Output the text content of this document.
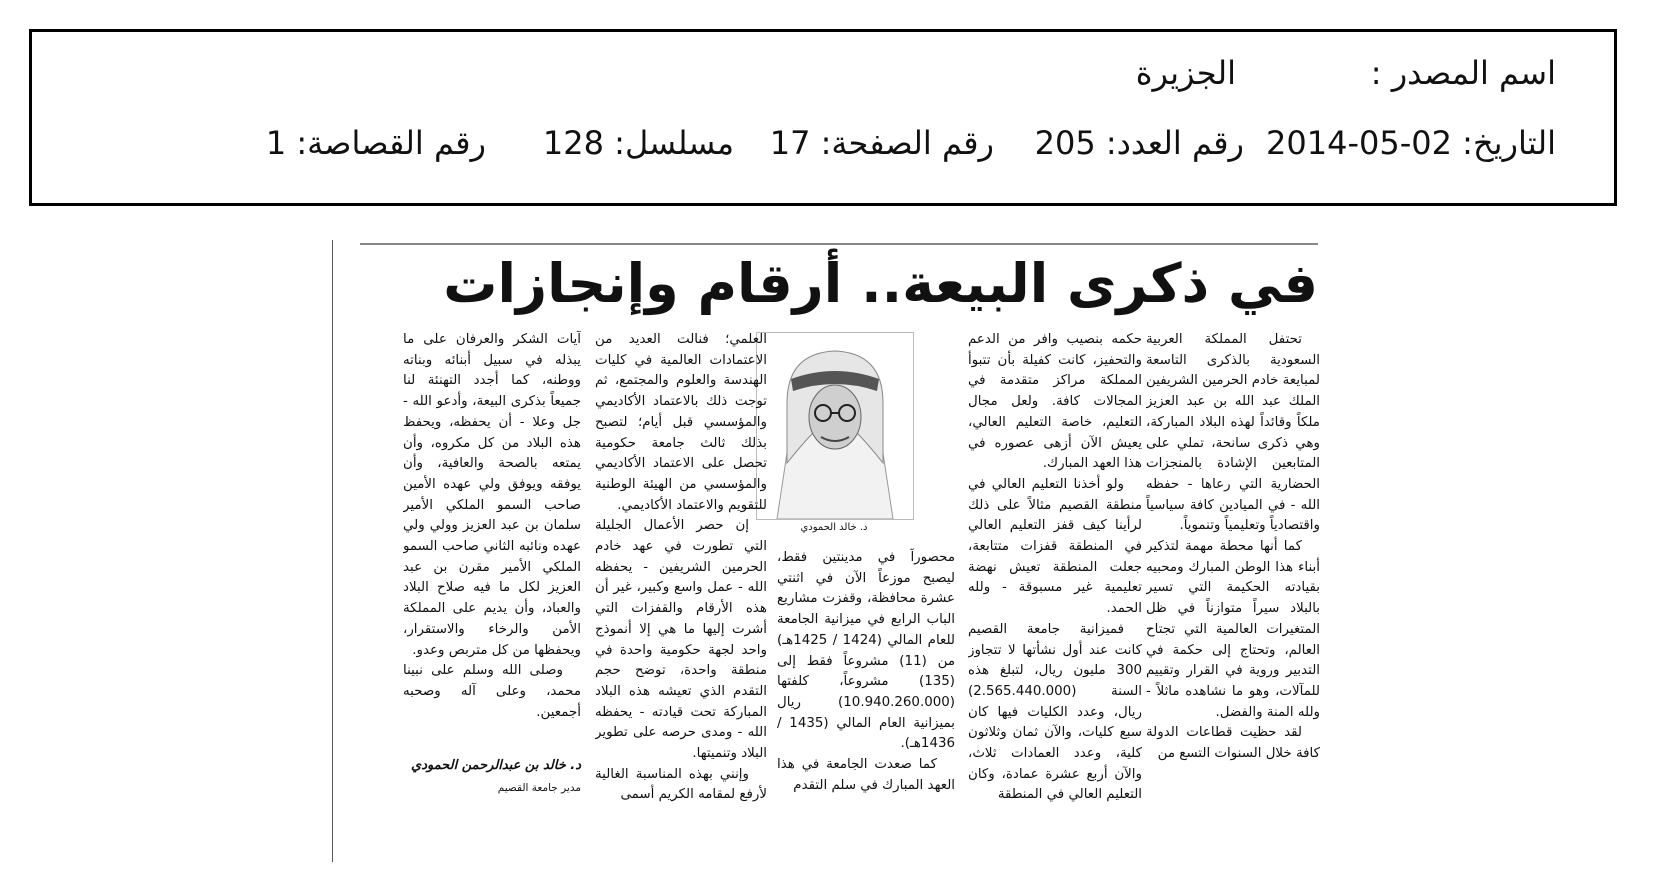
اسم المصدر :
الجزيرة
التاريخ: 02-05-2014
رقم العدد: 205
رقم الصفحة: 17
مسلسل: 128
رقم القصاصة: 1
في ذكرى البيعة.. أرقام وإنجازات

تحتفل المملكة العربية السعودية بالذكرى التاسعة لمبايعة خادم الحرمين الشريفين الملك عبد الله بن عبد العزيز ملكاً وقائداً لهذه البلاد المباركة، وهي ذكرى سانحة، تملي على المتابعين الإشادة بالمنجزات الحضارية التي رعاها - حفظه الله - في الميادين كافة سياسياً واقتصادياً وتعليمياً وتنموياً.

كما أنها محطة مهمة لتذكير أبناء هذا الوطن المبارك ومحبيه بقيادته الحكيمة التي تسير بالبلاد سيراً متوازناً في ظل المتغيرات العالمية التي تجتاح العالم، وتحتاج إلى حكمة في التدبير وروية في القرار وتقييم للمآلات، وهو ما نشاهده ماثلاً - ولله المنة والفضل.

لقد حظيت قطاعات الدولة كافة خلال السنوات التسع من

حكمه بنصيب وافر من الدعم والتحفيز، كانت كفيلة بأن تتبوأ المملكة مراكز متقدمة في المجالات كافة. ولعل مجال التعليم، خاصة التعليم العالي، يعيش الآن أزهى عصوره في هذا العهد المبارك.

ولو أخذنا التعليم العالي في منطقة القصيم مثالاً على ذلك لرأينا كيف قفز التعليم العالي في المنطقة قفزات متتابعة، جعلت المنطقة تعيش نهضة تعليمية غير مسبوقة - ولله الحمد.

فميزانية جامعة القصيم كانت عند أول نشأتها لا تتجاوز 300 مليون ريال، لتبلغ هذه السنة (2.565.440.000) ريال، وعدد الكليات فيها كان سبع كليات، والآن ثمان وثلاثون كلية، وعدد العمادات ثلاث، والآن أربع عشرة عمادة، وكان التعليم العالي في المنطقة

د. خالد الحمودي

محصوراً في مدينتين فقط، ليصبح موزعاً الآن في اثنتي عشرة محافظة، وقفزت مشاريع الباب الرابع في ميزانية الجامعة للعام المالي (1424 / 1425هـ) من (11) مشروعاً فقط إلى (135) مشروعاً، كلفتها (10.940.260.000) ريال بميزانية العام المالي (1435 / 1436هـ).

كما صعدت الجامعة في هذا العهد المبارك في سلم التقدم

العلمي؛ فنالت العديد من الاعتمادات العالمية في كليات الهندسة والعلوم والمجتمع، ثم توجت ذلك بالاعتماد الأكاديمي والمؤسسي قبل أيام؛ لتصبح بذلك ثالث جامعة حكومية تحصل على الاعتماد الأكاديمي والمؤسسي من الهيئة الوطنية للتقويم والاعتماد الأكاديمي.

إن حصر الأعمال الجليلة التي تطورت في عهد خادم الحرمين الشريفين - يحفظه الله - عمل واسع وكبير، غير أن هذه الأرقام والقفزات التي أشرت إليها ما هي إلا أنموذج واحد لجهة حكومية واحدة في منطقة واحدة، توضح حجم التقدم الذي تعيشه هذه البلاد المباركة تحت قيادته - يحفظه الله - ومدى حرصه على تطوير البلاد وتنميتها.

وإنني بهذه المناسبة الغالية لأرفع لمقامه الكريم أسمى

آيات الشكر والعرفان على ما يبذله في سبيل أبنائه وبناته ووطنه، كما أجدد التهنئة لنا جميعاً بذكرى البيعة، وأدعو الله - جل وعلا - أن يحفظه، ويحفظ هذه البلاد من كل مكروه، وأن يمتعه بالصحة والعافية، وأن يوفقه ويوفق ولي عهده الأمين صاحب السمو الملكي الأمير سلمان بن عبد العزيز وولي ولي عهده ونائبه الثاني صاحب السمو الملكي الأمير مقرن بن عبد العزيز لكل ما فيه صلاح البلاد والعباد، وأن يديم على المملكة الأمن والرخاء والاستقرار، ويحفظها من كل متربص وعدو.

وصلى الله وسلم على نبينا محمد، وعلى آله وصحبه أجمعين.

د. خالد بن عبدالرحمن الحمودي
مدير جامعة القصيم
